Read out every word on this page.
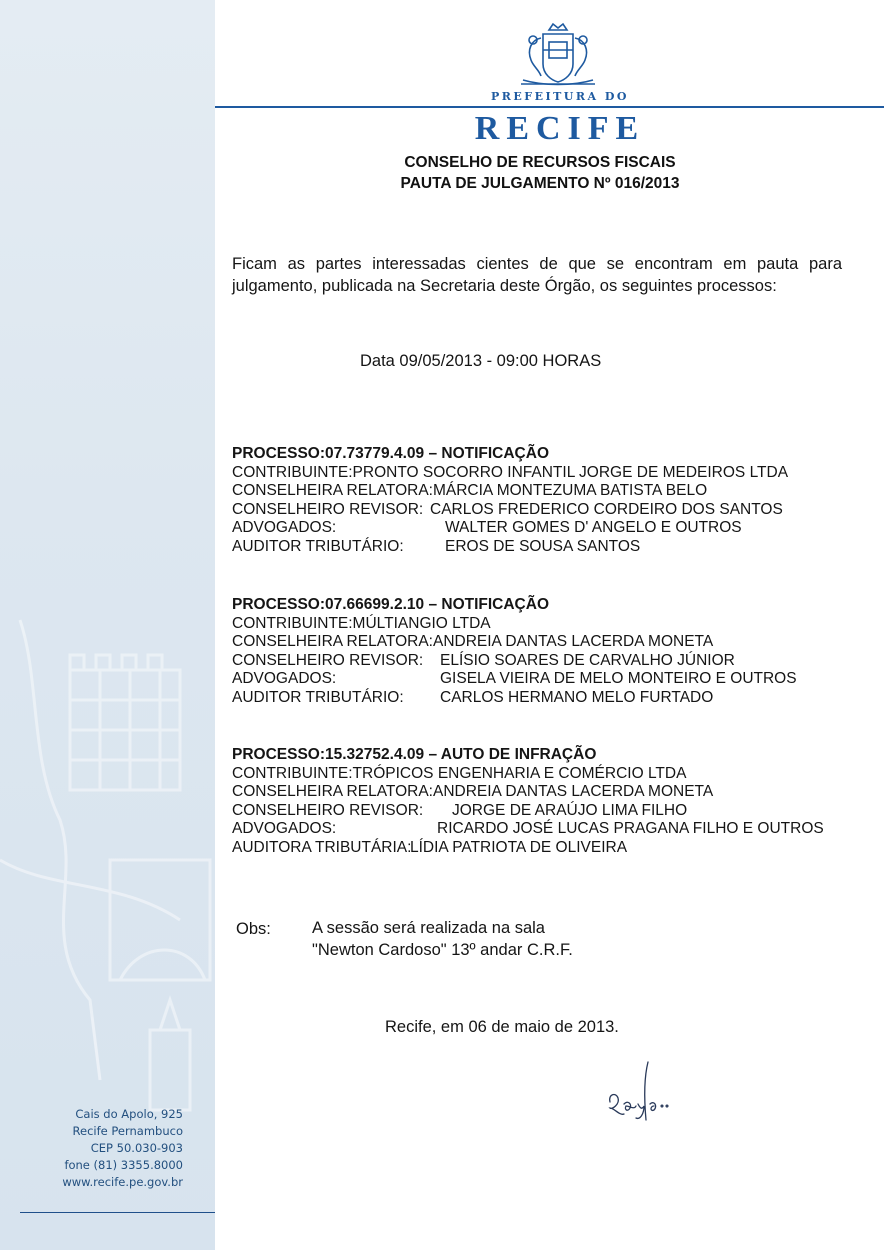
Cais do Apolo, 925
Recife Pernambuco
CEP 50.030-903
fone (81) 3355.8000
www.recife.pe.gov.br
PREFEITURA DO
RECIFE
CONSELHO DE RECURSOS FISCAIS
PAUTA DE JULGAMENTO Nº 016/2013
Ficam as partes interessadas cientes de que se encontram em pauta para julgamento, publicada na Secretaria deste Órgão, os seguintes processos:
Data 09/05/2013 - 09:00 HORAS
PROCESSO:07.73779.4.09 – NOTIFICAÇÃO
CONTRIBUINTE:PRONTO SOCORRO INFANTIL JORGE DE MEDEIROS LTDA
CONSELHEIRA RELATORA:MÁRCIA MONTEZUMA BATISTA BELO
CONSELHEIRO REVISOR: CARLOS FREDERICO CORDEIRO DOS SANTOS
ADVOGADOS:	WALTER GOMES D' ANGELO E OUTROS
AUDITOR TRIBUTÁRIO:	EROS DE SOUSA SANTOS
PROCESSO:07.66699.2.10 – NOTIFICAÇÃO
CONTRIBUINTE:MÚLTIANGIO LTDA
CONSELHEIRA RELATORA:ANDREIA DANTAS LACERDA MONETA
CONSELHEIRO REVISOR: ELÍSIO SOARES DE CARVALHO JÚNIOR
ADVOGADOS:	GISELA VIEIRA DE MELO MONTEIRO E OUTROS
AUDITOR TRIBUTÁRIO: CARLOS HERMANO MELO FURTADO
PROCESSO:15.32752.4.09 – AUTO DE INFRAÇÃO
CONTRIBUINTE:TRÓPICOS ENGENHARIA E COMÉRCIO LTDA
CONSELHEIRA RELATORA:ANDREIA DANTAS LACERDA MONETA
CONSELHEIRO REVISOR: JORGE DE ARAÚJO LIMA FILHO
ADVOGADOS:	RICARDO JOSÉ LUCAS PRAGANA FILHO E OUTROS
AUDITORA TRIBUTÁRIA:
LÍDIA PATRIOTA DE OLIVEIRA
Obs: A sessão será realizada na sala
"Newton Cardoso" 13º andar C.R.F.
Recife, em 06 de maio de 2013.
